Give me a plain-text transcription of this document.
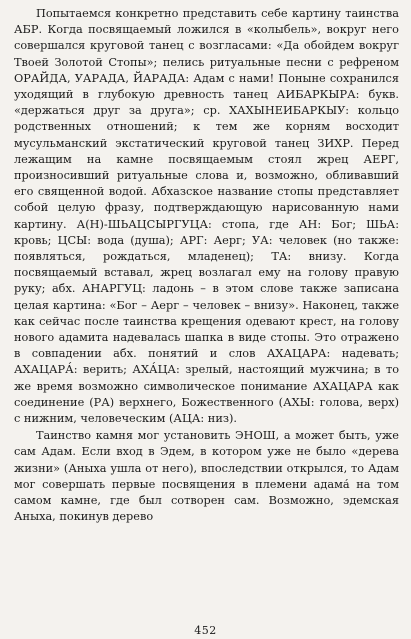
Попытаемся конкретно представить себе картину таинства АБР. Когда посвящаемый ложился в «колыбель», вокруг него совершался круговой танец с возгласами: «Да обойдем вокруг Твоей Золотой Стопы»; пелись ритуальные песни с рефреном ОРАЙДА, УАРАДА, ЙАРАДА: Адам с нами! Поныне сохранился уходящий в глубокую древность танец АИБАРКЫРА: букв. «держаться друг за друга»; ср. ХАХЫНЕИБАРКЫУ: кольцо родственных отношений; к тем же корням восходит мусульманский экстатический круговой танец ЗИХР. Перед лежащим на камне посвящаемым стоял жрец АЕРГ, произносивший ритуальные слова и, возможно, обливавший его священной водой. Абхазское название стопы представляет собой целую фразу, подтверждающую нарисованную нами картину. А(Н)-ШЬАЦСЫРГУЦА: стопа, где АН: Бог; ШЬА: кровь; ЦСЫ: вода (душа); АРГ: Аерг; УА: человек (но также: появляться, рождаться, младенец); ТА: внизу. Когда посвящаемый вставал, жрец возлагал ему на голову правую руку; абх. АНАРГУЦ: ладонь – в этом слове также записана целая картина: «Бог – Аерг – человек – внизу». Наконец, также как сейчас после таинства крещения одевают крест, на голову нового адамита надевалась шапка в виде стопы. Это отражено в совпадении абх. понятий и слов АХАЦАРА: надевать; АХАЦАРА́: верить; АХА́ЦА: зрелый, настоящий мужчина; в то же время возможно символическое понимание АХАЦАРА как соединение (РА) верхнего, Божественного (АХЫ: голова, верх) с нижним, человеческим (АЦА: низ).

Таинство камня мог установить ЭНОШ, а может быть, уже сам Адам. Если вход в Эдем, в котором уже не было «дерева жизни» (Аныха ушла от него), впоследствии открылся, то Адам мог совершать первые посвящения в племени адама́ на том самом камне, где был сотворен сам. Возможно, эдемская Аныха, покинув дерево

452
